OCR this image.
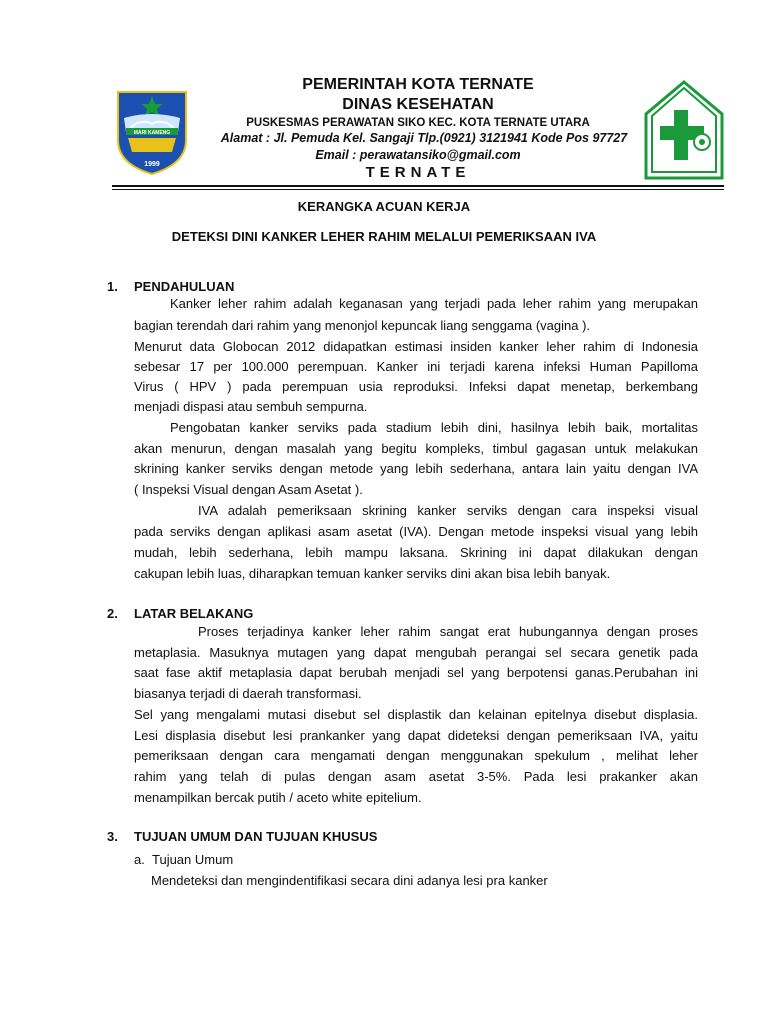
MARI KAMENG
1999
PEMERINTAH KOTA TERNATE
DINAS KESEHATAN
PUSKESMAS PERAWATAN SIKO KEC. KOTA TERNATE UTARA
Alamat : Jl. Pemuda Kel. Sangaji Tlp.(0921) 3121941 Kode Pos 97727
Email : perawatansiko@gmail.com
TERNATE
KERANGKA ACUAN KERJA
DETEKSI DINI KANKER LEHER RAHIM MELALUI PEMERIKSAAN IVA
1. PENDAHULUAN
Kanker leher rahim adalah keganasan yang terjadi pada leher rahim yang merupakan
bagian terendah dari rahim yang menonjol kepuncak liang senggama (vagina ).
Menurut data Globocan 2012 didapatkan estimasi insiden kanker leher rahim di Indonesia
sebesar 17 per 100.000 perempuan. Kanker ini terjadi karena infeksi Human Papilloma
Virus ( HPV ) pada perempuan usia reproduksi. Infeksi dapat menetap, berkembang
menjadi dispasi atau sembuh sempurna.
Pengobatan kanker serviks pada stadium lebih dini, hasilnya lebih baik, mortalitas
akan menurun, dengan masalah yang begitu kompleks, timbul gagasan untuk melakukan
skrining kanker serviks dengan metode yang lebih sederhana, antara lain yaitu dengan IVA
( Inspeksi Visual dengan Asam Asetat ).
IVA adalah pemeriksaan skrining kanker serviks dengan cara inspeksi visual
pada serviks dengan aplikasi asam asetat (IVA). Dengan metode inspeksi visual yang lebih
mudah, lebih sederhana, lebih mampu laksana. Skrining ini dapat dilakukan dengan
cakupan lebih luas, diharapkan temuan kanker serviks dini akan bisa lebih banyak.
2. LATAR BELAKANG
Proses terjadinya kanker leher rahim sangat erat hubungannya dengan proses
metaplasia. Masuknya mutagen yang dapat mengubah perangai sel secara genetik pada
saat fase aktif metaplasia dapat berubah menjadi sel yang berpotensi ganas.Perubahan ini
biasanya terjadi di daerah transformasi.
Sel yang mengalami mutasi disebut sel displastik dan kelainan epitelnya disebut displasia.
Lesi displasia disebut lesi prankanker yang dapat dideteksi dengan pemeriksaan IVA, yaitu
pemeriksaan dengan cara mengamati dengan menggunakan spekulum , melihat leher
rahim yang telah di pulas dengan asam asetat 3-5%. Pada lesi prakanker akan
menampilkan bercak putih / aceto white epitelium.
3. TUJUAN UMUM DAN TUJUAN KHUSUS
a. Tujuan Umum
Mendeteksi dan mengindentifikasi secara dini adanya lesi pra kanker
